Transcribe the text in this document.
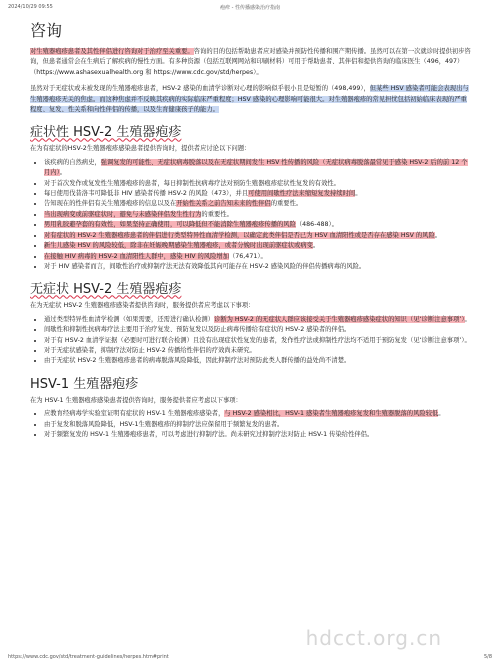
2024/10/29 09:55	疱疹 - 性传播感染治疗指南
咨询

对生殖器疱疹患者及其性伴侣进行咨询对于治疗至关重要。咨询的目的包括帮助患者应对感染并预防性传播和围产期传播。虽然可以在第一次就诊时提供初步咨询，但患者通常会在生病后了解疾病的慢性方面。有多种资源（包括互联网网站和印刷材料）可用于帮助患者、其伴侣和提供咨询的临床医生（496，497）（https://www.ashasexualhealth.org 和 https://www.cdc.gov/std/herpes）。

虽然对于无症状或未被发现的生殖器疱疹患者，HSV-2 感染的血清学诊断对心理的影响似乎很小且是短暂的（498,499），但某些 HSV 感染者可能会表现出与生殖器疱疹无关的焦虑。而这种焦虑并不反映其疾病的实际临床严重程度；HSV 感染的心理影响可能很大。对生殖器疱疹的常见担忧包括初始临床表现的严重程度、复发、性关系和向性伴侣的传播，以及生育健康孩子的能力。

症状性 HSV-2 生殖器疱疹

在为有症状的HSV-2生殖器疱疹感染患者提供咨询时，提供者应讨论以下问题：

• 该疾病的自然病史，强调复发的可能性、无症状病毒脱落以及在无症状期间发生 HSV 性传播的风险（无症状病毒脱落最常见于感染 HSV-2 后的前 12 个月内）。
• 对于首次发作或复发性生殖器疱疹的患者，每日抑制性抗病毒疗法对预防生殖器疱疹症状性复发的有效性。
• 每日使用伐昔洛韦可降低非 HIV 感染者传播 HSV-2 的风险（473），并且可使用间歇性疗法来缩短复发持续时间。
• 告知现在的性伴侣有关生殖器疱疹的信息以及在开始性关系之前告知未来的性伴侣的重要性。
• 当出现病变或前驱症状时，避免与未感染伴侣发生性行为的重要性。
• 男用乳胶避孕套的有效性，如果坚持正确使用，可以降低但不能消除生殖器疱疹传播的风险（486-488）。
• 对有症状的 HSV-2 生殖器疱疹患者的伴侣进行类型特异性血清学检测，以确定此类伴侣是否已为 HSV 血清阳性或是否存在感染 HSV 的风险。
• 新生儿感染 HSV 的风险较低，除非在妊娠晚期感染生殖器疱疹，或者分娩时出现前驱症状或病变。
• 在接触 HIV 病毒的 HSV-2 血清阳性人群中，感染 HIV 的风险增加（76,471）。
• 对于 HIV 感染者而言，间歇性治疗或抑制疗法无法有效降低其向可能存在 HSV-2 感染风险的伴侣传播病毒的风险。
无症状 HSV-2 生殖器疱疹

在为无症状 HSV-2 生殖器疱疹感染者提供咨询时，服务提供者应考虑以下事项：

• 通过类型特异性血清学检测（如果需要，还需进行确认检测）诊断为 HSV-2 的无症状人群应该接受关于生殖器疱疹感染症状的知识（见‘诊断注意事项’）。
• 间歇性和抑制性抗病毒疗法主要用于治疗复发、预防复发以及防止病毒传播给有症状的 HSV-2 感染者的伴侣。
• 对于有 HSV-2 血清学证据（必要时可进行联合检测）且没有出现症状性复发的患者，发作性疗法或抑制性疗法均不适用于预防复发（见‘诊断注意事项’）。
• 对于无症状感染者，抑制疗法对防止 HSV-2 传播给性伴侣的疗效尚未研究。
• 由于无症状 HSV-2 生殖器疱疹患者的病毒脱落风险降低，因此抑制疗法对预防此类人群传播的益处尚不清楚。
HSV-1 生殖器疱疹

在为 HSV-1 生殖器疱疹感染患者提供咨询时，服务提供者应考虑以下事项：

• 应教育经病毒学实验室证明有症状的 HSV-1 生殖器疱疹感染者，与 HSV-2 感染相比，HSV-1 感染者生殖器疱疹复发和生殖器脱落的风险较低。
• 由于复发和脱落风险降低，HSV-1生殖器疱疹的抑制疗法应保留用于频繁复发的患者。
• 对于频繁复发的 HSV-1 生殖器疱疹患者，可以考虑进行抑制疗法。尚未研究过抑制疗法对防止 HSV-1 传染给性伴侣。
hdcct.org.cn
https://www.cdc.gov/std/treatment-guidelines/herpes.htm#print	5/8
